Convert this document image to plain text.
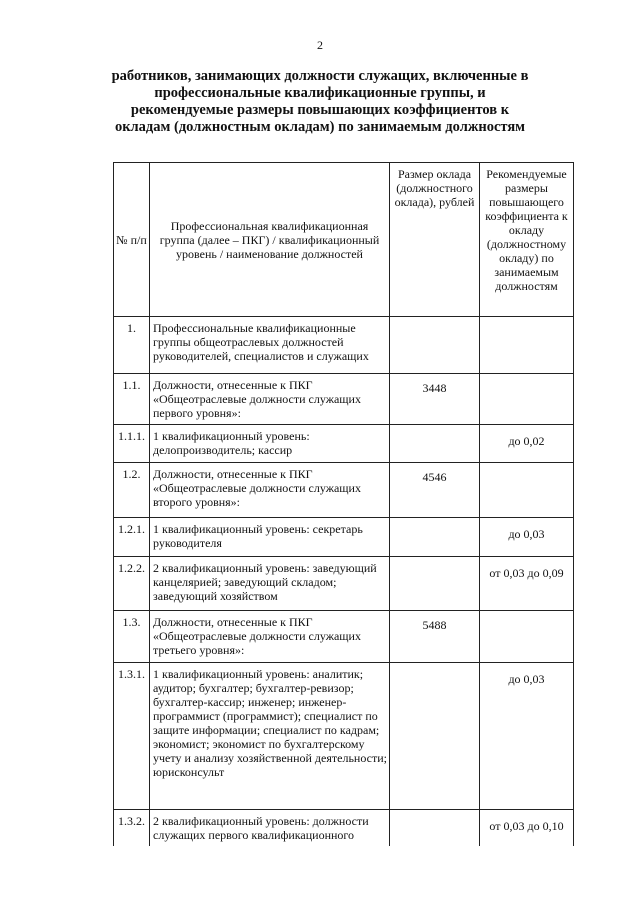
2
работников, занимающих должности служащих, включенные в профессиональные квалификационные группы, и рекомендуемые размеры повышающих коэффициентов к окладам (должностным окладам) по занимаемым должностям
№ п/п	Профессиональная квалификационная группа (далее – ПКГ) / квалификационный уровень / наименование должностей	Размер оклада (должностного оклада), рублей	Рекомендуемые размеры повышающего коэффициента к окладу (должностному окладу) по занимаемым должностям
1.	Профессиональные квалификационные группы общеотраслевых должностей руководителей, специалистов и служащих		
1.1.	Должности, отнесенные к ПКГ «Общеотраслевые должности служащих первого уровня»:	3448	
1.1.1.	1 квалификационный уровень: делопроизводитель; кассир		до 0,02
1.2.	Должности, отнесенные к ПКГ «Общеотраслевые должности служащих второго уровня»:	4546	
1.2.1.	1 квалификационный уровень: секретарь руководителя		до 0,03
1.2.2.	2 квалификационный уровень: заведующий канцелярией; заведующий складом; заведующий хозяйством		от 0,03 до 0,09
1.3.	Должности, отнесенные к ПКГ «Общеотраслевые должности служащих третьего уровня»:	5488	
1.3.1.	1 квалификационный уровень: аналитик; аудитор; бухгалтер; бухгалтер-ревизор; бухгалтер-кассир; инженер; инженер-программист (программист); специалист по защите информации; специалист по кадрам; экономист; экономист по бухгалтерскому учету и анализу хозяйственной деятельности; юрисконсульт		до 0,03
1.3.2.	2 квалификационный уровень: должности служащих первого квалификационного		от 0,03 до 0,10
